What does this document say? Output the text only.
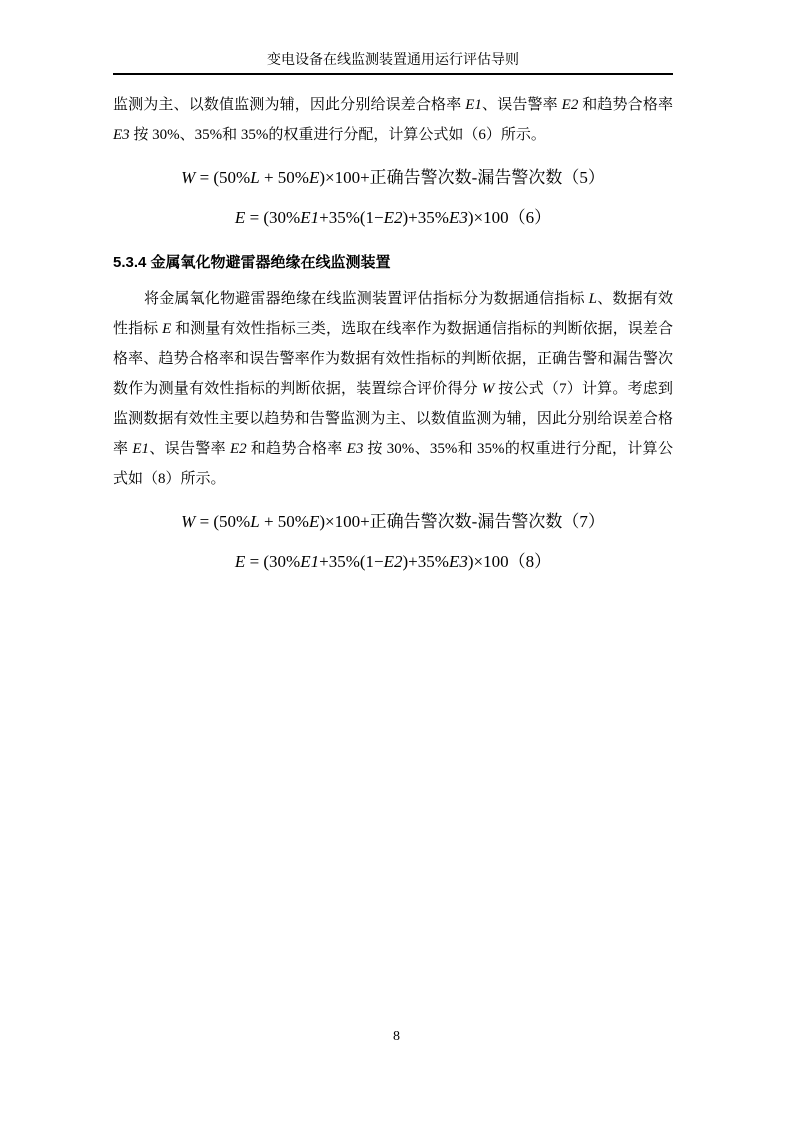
变电设备在线监测装置通用运行评估导则

监测为主、以数值监测为辅，因此分别给误差合格率 E1、误告警率 E2 和趋势合格率 E3 按 30%、35%和 35%的权重进行分配，计算公式如（6）所示。

W = (50%L + 50%E)×100+正确告警次数-漏告警次数（5）
E = (30%E1+35%(1−E2)+35%E3)×100（6）
5.3.4 金属氧化物避雷器绝缘在线监测装置

将金属氧化物避雷器绝缘在线监测装置评估指标分为数据通信指标 L、数据有效性指标 E 和测量有效性指标三类，选取在线率作为数据通信指标的判断依据，误差合格率、趋势合格率和误告警率作为数据有效性指标的判断依据，正确告警和漏告警次数作为测量有效性指标的判断依据，装置综合评价得分 W 按公式（7）计算。考虑到监测数据有效性主要以趋势和告警监测为主、以数值监测为辅，因此分别给误差合格率 E1、误告警率 E2 和趋势合格率 E3 按 30%、35%和 35%的权重进行分配，计算公式如（8）所示。

W = (50%L + 50%E)×100+正确告警次数-漏告警次数（7）
E = (30%E1+35%(1−E2)+35%E3)×100（8）
8
